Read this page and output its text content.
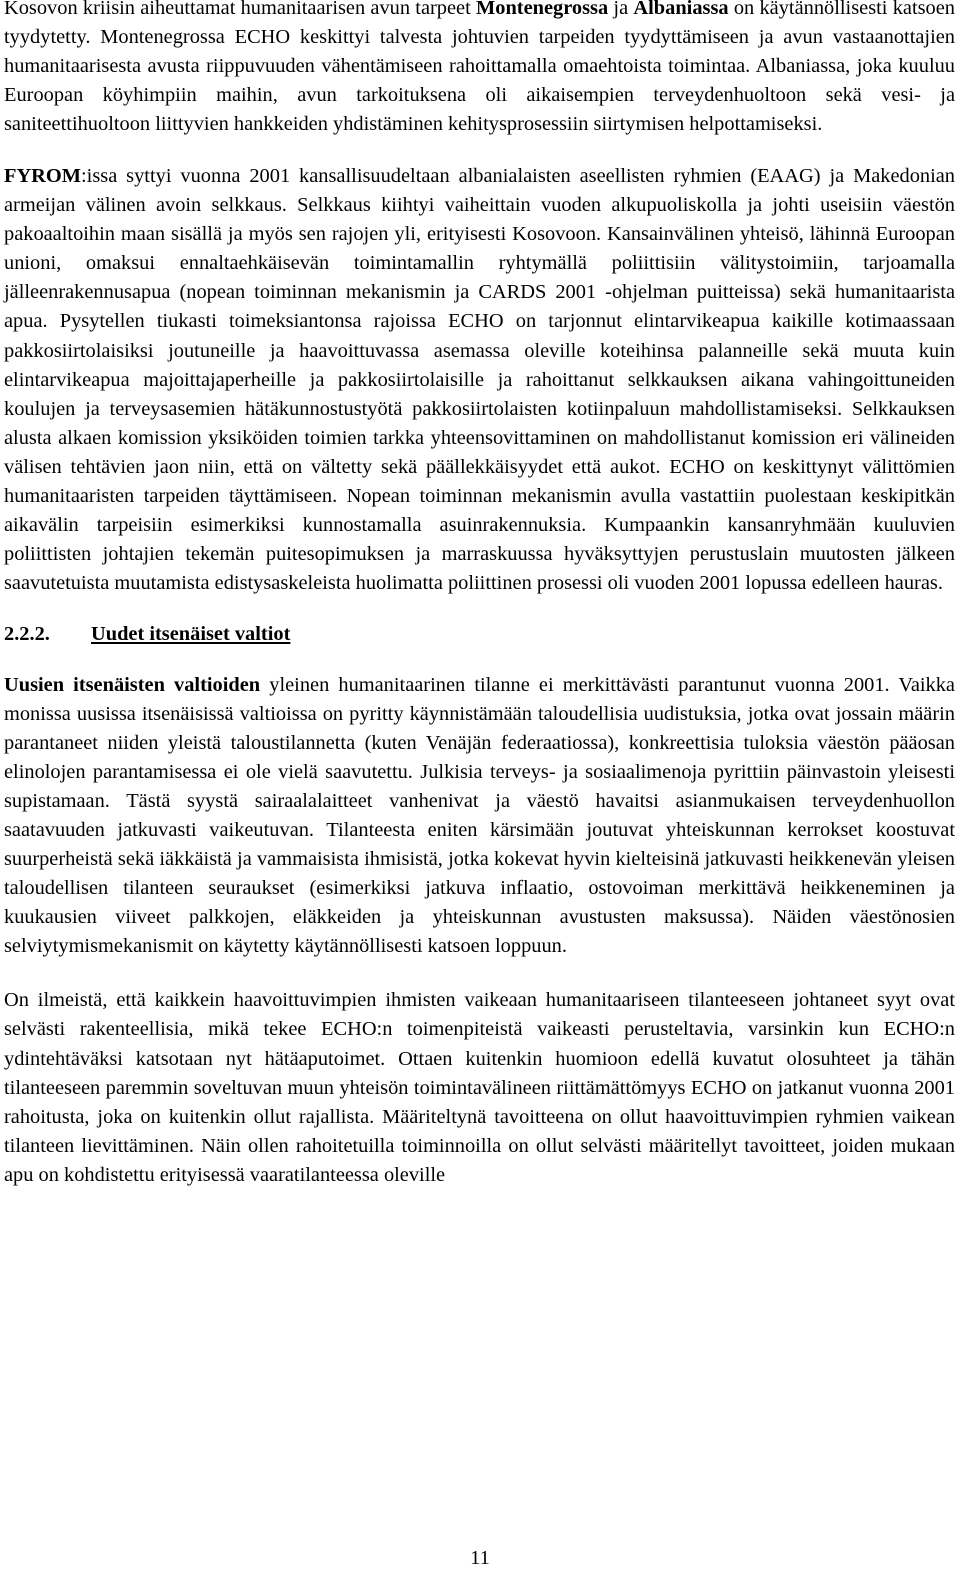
Kosovon kriisin aiheuttamat humanitaarisen avun tarpeet Montenegrossa ja Albaniassa on käytännöllisesti katsoen tyydytetty. Montenegrossa ECHO keskittyi talvesta johtuvien tarpeiden tyydyttämiseen ja avun vastaanottajien humanitaarisesta avusta riippuvuuden vähentämiseen rahoittamalla omaehtoista toimintaa. Albaniassa, joka kuuluu Euroopan köyhimpiin maihin, avun tarkoituksena oli aikaisempien terveydenhuoltoon sekä vesi- ja saniteettihuoltoon liittyvien hankkeiden yhdistäminen kehitysprosessiin siirtymisen helpottamiseksi.

FYROM:issa syttyi vuonna 2001 kansallisuudeltaan albanialaisten aseellisten ryhmien (EAAG) ja Makedonian armeijan välinen avoin selkkaus. Selkkaus kiihtyi vaiheittain vuoden alkupuoliskolla ja johti useisiin väestön pakoaaltoihin maan sisällä ja myös sen rajojen yli, erityisesti Kosovoon. Kansainvälinen yhteisö, lähinnä Euroopan unioni, omaksui ennaltaehkäisevän toimintamallin ryhtymällä poliittisiin välitystoimiin, tarjoamalla jälleenrakennusapua (nopean toiminnan mekanismin ja CARDS 2001 -ohjelman puitteissa) sekä humanitaarista apua. Pysytellen tiukasti toimeksiantonsa rajoissa ECHO on tarjonnut elintarvikeapua kaikille kotimaassaan pakkosiirtolaisiksi joutuneille ja haavoittuvassa asemassa oleville koteihinsa palanneille sekä muuta kuin elintarvikeapua majoittajaperheille ja pakkosiirtolaisille ja rahoittanut selkkauksen aikana vahingoittuneiden koulujen ja terveysasemien hätäkunnostustyötä pakkosiirtolaisten kotiinpaluun mahdollistamiseksi. Selkkauksen alusta alkaen komission yksiköiden toimien tarkka yhteensovittaminen on mahdollistanut komission eri välineiden välisen tehtävien jaon niin, että on vältetty sekä päällekkäisyydet että aukot. ECHO on keskittynyt välittömien humanitaaristen tarpeiden täyttämiseen. Nopean toiminnan mekanismin avulla vastattiin puolestaan keskipitkän aikavälin tarpeisiin esimerkiksi kunnostamalla asuinrakennuksia. Kumpaankin kansanryhmään kuuluvien poliittisten johtajien tekemän puitesopimuksen ja marraskuussa hyväksyttyjen perustuslain muutosten jälkeen saavutetuista muutamista edistysaskeleista huolimatta poliittinen prosessi oli vuoden 2001 lopussa edelleen hauras.

2.2.2. Uudet itsenäiset valtiot

Uusien itsenäisten valtioiden yleinen humanitaarinen tilanne ei merkittävästi parantunut vuonna 2001. Vaikka monissa uusissa itsenäisissä valtioissa on pyritty käynnistämään taloudellisia uudistuksia, jotka ovat jossain määrin parantaneet niiden yleistä taloustilannetta (kuten Venäjän federaatiossa), konkreettisia tuloksia väestön pääosan elinolojen parantamisessa ei ole vielä saavutettu. Julkisia terveys- ja sosiaalimenoja pyrittiin päinvastoin yleisesti supistamaan. Tästä syystä sairaalalaitteet vanhenivat ja väestö havaitsi asianmukaisen terveydenhuollon saatavuuden jatkuvasti vaikeutuvan. Tilanteesta eniten kärsimään joutuvat yhteiskunnan kerrokset koostuvat suurperheistä sekä iäkkäistä ja vammaisista ihmisistä, jotka kokevat hyvin kielteisinä jatkuvasti heikkenevän yleisen taloudellisen tilanteen seuraukset (esimerkiksi jatkuva inflaatio, ostovoiman merkittävä heikkeneminen ja kuukausien viiveet palkkojen, eläkkeiden ja yhteiskunnan avustusten maksussa). Näiden väestönosien selviytymismekanismit on käytetty käytännöllisesti katsoen loppuun.

On ilmeistä, että kaikkein haavoittuvimpien ihmisten vaikeaan humanitaariseen tilanteeseen johtaneet syyt ovat selvästi rakenteellisia, mikä tekee ECHO:n toimenpiteistä vaikeasti perusteltavia, varsinkin kun ECHO:n ydintehtäväksi katsotaan nyt hätäaputoimet. Ottaen kuitenkin huomioon edellä kuvatut olosuhteet ja tähän tilanteeseen paremmin soveltuvan muun yhteisön toimintavälineen riittämättömyys ECHO on jatkanut vuonna 2001 rahoitusta, joka on kuitenkin ollut rajallista. Määriteltynä tavoitteena on ollut haavoittuvimpien ryhmien vaikean tilanteen lievittäminen. Näin ollen rahoitetuilla toiminnoilla on ollut selvästi määritellyt tavoitteet, joiden mukaan apu on kohdistettu erityisessä vaaratilanteessa oleville

11
